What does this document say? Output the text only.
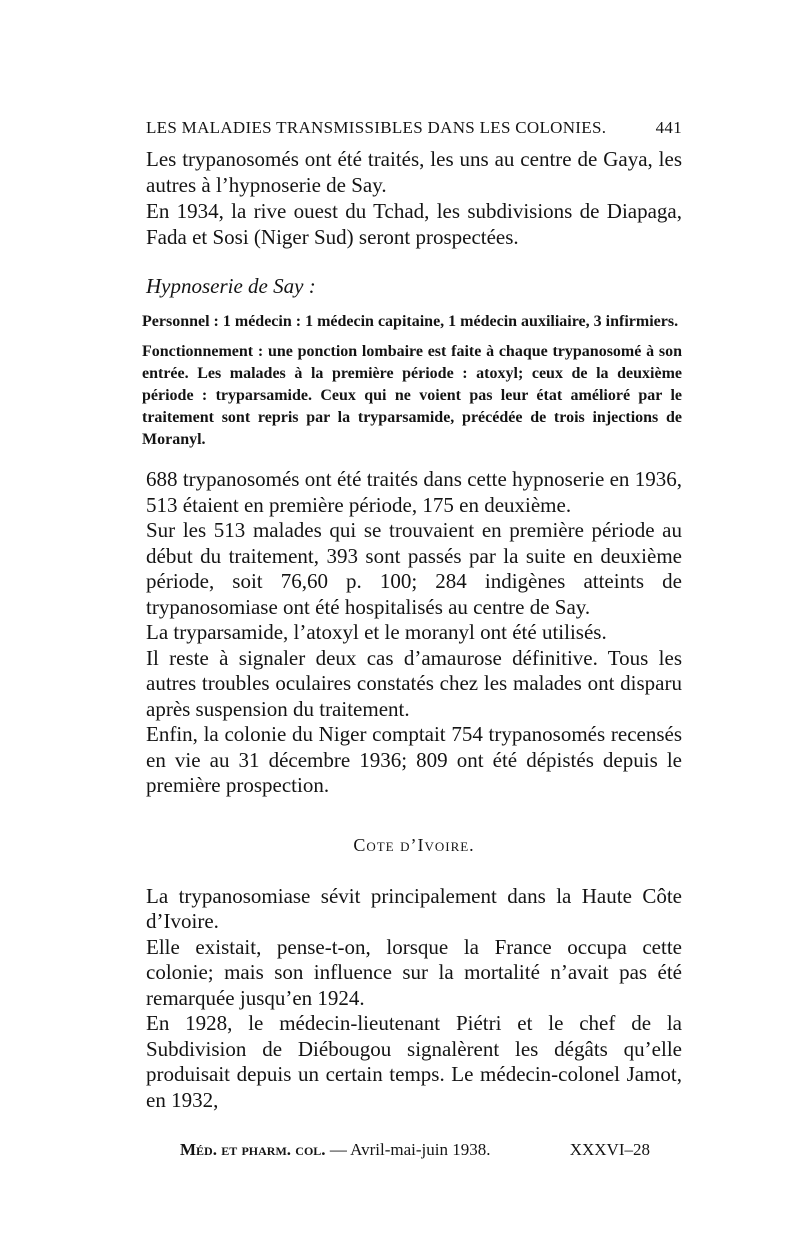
LES MALADIES TRANSMISSIBLES DANS LES COLONIES.	441

Les trypanosomés ont été traités, les uns au centre de Gaya, les autres à l’hypnoserie de Say.

En 1934, la rive ouest du Tchad, les subdivisions de Diapaga, Fada et Sosi (Niger Sud) seront prospectées.

Hypnoserie de Say :

Personnel : 1 médecin : 1 médecin capitaine, 1 médecin auxiliaire, 3 infirmiers.

Fonctionnement : une ponction lombaire est faite à chaque trypanosomé à son entrée. Les malades à la première période : atoxyl; ceux de la deuxième période : tryparsamide. Ceux qui ne voient pas leur état amélioré par le traitement sont repris par la tryparsamide, précédée de trois injections de Moranyl.

688 trypanosomés ont été traités dans cette hypnoserie en 1936, 513 étaient en première période, 175 en deuxième.

Sur les 513 malades qui se trouvaient en première période au début du traitement, 393 sont passés par la suite en deuxième période, soit 76,60 p. 100; 284 indigènes atteints de trypanosomiase ont été hospitalisés au centre de Say.

La tryparsamide, l’atoxyl et le moranyl ont été utilisés.

Il reste à signaler deux cas d’amaurose définitive. Tous les autres troubles oculaires constatés chez les malades ont disparu après suspension du traitement.

Enfin, la colonie du Niger comptait 754 trypanosomés recensés en vie au 31 décembre 1936; 809 ont été dépistés depuis le première prospection.

Cote d’Ivoire.

La trypanosomiase sévit principalement dans la Haute Côte d’Ivoire.

Elle existait, pense-t-on, lorsque la France occupa cette colonie; mais son influence sur la mortalité n’avait pas été remarquée jusqu’en 1924.

En 1928, le médecin-lieutenant Piétri et le chef de la Subdivision de Diébougou signalèrent les dégâts qu’elle produisait depuis un certain temps. Le médecin-colonel Jamot, en 1932,

Méd. et pharm. col. — Avril-mai-juin 1938.	XXXVI–28
